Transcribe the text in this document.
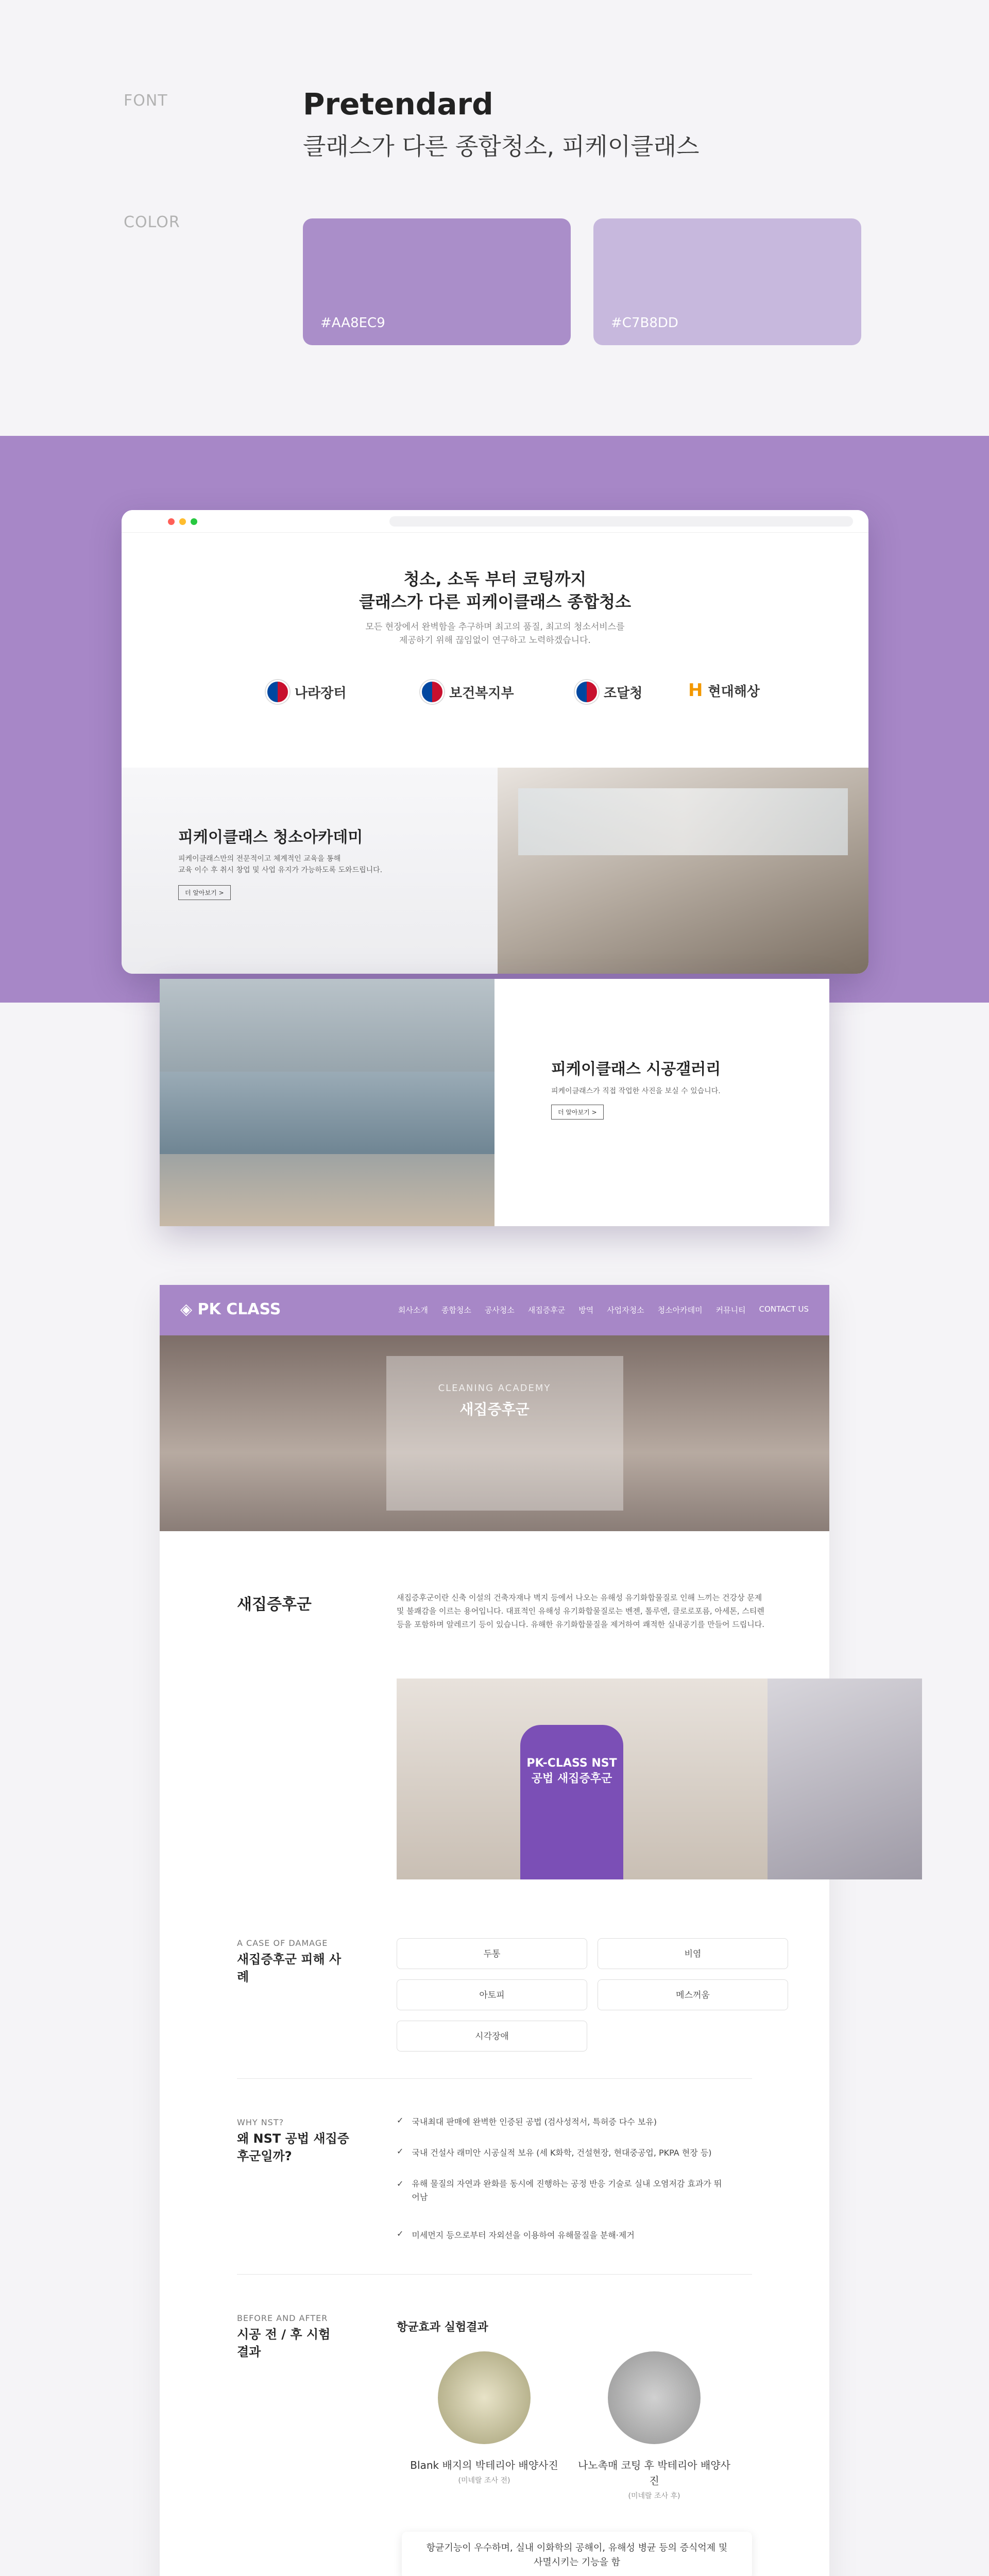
FONT	Pretendard
클래스가 다른 종합청소, 피케이클래스
COLOR
#AA8EC9	#C7B8DD
청소, 소독 부터 코팅까지
클래스가 다른 피케이클래스 종합청소
모든 현장에서 완벽함을 추구하며 최고의 품질, 최고의 청소서비스를
제공하기 위해 끊임없이 연구하고 노력하겠습니다.
나라장터	보건복지부	조달청	H 현대해상
피케이클래스 청소아카데미
피케이클래스만의 전문적이고 체계적인 교육을 통해
교육 이수 후 취시 창업 및 사업 유지가 가능하도록 도와드립니다.
더 알아보기 >
피케이클래스 시공갤러리
피케이클래스가 직접 작업한 사진을 보실 수 있습니다.
더 알아보기 >
◈ PK CLASS	회사소개 종합청소 공사청소 새집증후군 방역 사업자청소 청소아카데미 커뮤니티 CONTACT US
CLEANING ACADEMY
새집증후군
새집증후군	새집증후군이란 신축 이설의 건축자재나 벽지 등에서 나오는 유해성 유기화합물질로 인해 느끼는 건강상 문제 및 불쾌감을 이르는 용어입니다. 대표적인 유해성 유기화합물질로는 벤젠, 톨루엔, 클로로포름, 아세톤, 스티렌 등을 포함하며 알레르기 등이 있습니다. 유해한 유기화합물질을 제거하여 쾌적한 실내공기를 만들어 드립니다.
PK-CLASS NST공법 새집증후군
A CASE OF DAMAGE
새집증후군 피해 사례
두통	비염
아토피	메스꺼움
시각장애
WHY NST?
왜 NST 공법 새집증후군일까?
✓ 국내최대 판매에 완벽한 인증된 공법 (검사성적서, 특허증 다수 보유)
✓ 국내 건설사 래미안 시공실적 보유 (세 K화학, 건설현장, 현대중공업, PKPA 현장 등)
✓ 유해 물질의 자연과 완화를 동시에 진행하는 공정 반응 기술로 실내 오염저감 효과가 뛰어남
✓ 미세먼지 등으로부터 자외선을 이용하여 유해물질을 분해·제거
BEFORE AND AFTER
시공 전 / 후 시험결과
항균효과 실험결과
Blank 배지의 박테리아 배양사진
(미네랄 조사 전)
나노촉매 코팅 후 박테리아 배양사진
(미네랄 조사 후)
항균기능이 우수하며, 실내 이화학의 공해이, 유해성 병균 등의 증식억제 및 사멸시키는 기능을 함
